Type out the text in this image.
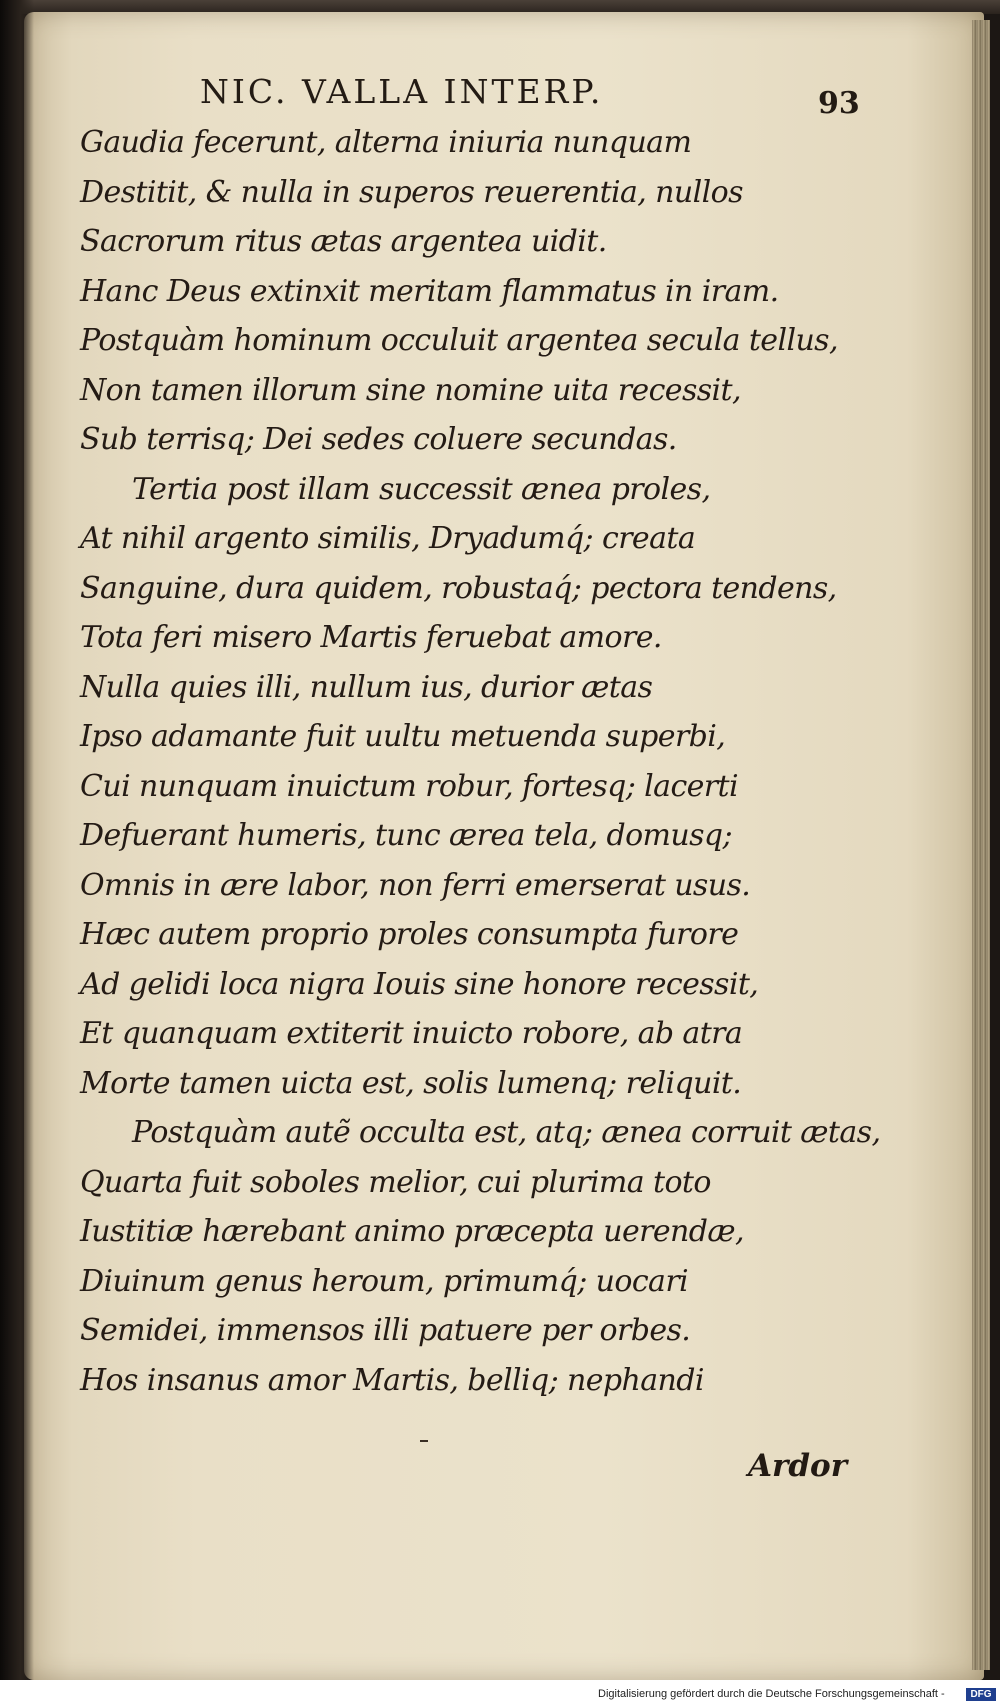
NIC. VALLA INTERP.	93
Gaudia fecerunt, alterna iniuria nunquam
Destitit, & nulla in superos reuerentia, nullos
Sacrorum ritus ætas argentea uidit.
Hanc Deus extinxit meritam flammatus in iram.
Postquàm hominum occuluit argentea secula tellus,
Non tamen illorum sine nomine uita recessit,
Sub terrisq; Dei sedes coluere secundas.
Tertia post illam successit ænea proles,
At nihil argento similis, Dryadumq́; creata
Sanguine, dura quidem, robustaq́; pectora tendens,
Tota feri misero Martis feruebat amore.
Nulla quies illi, nullum ius, durior ætas
Ipso adamante fuit uultu metuenda superbi,
Cui nunquam inuictum robur, fortesq; lacerti
Defuerant humeris, tunc ærea tela, domusq;
Omnis in ære labor, non ferri emerserat usus.
Hæc autem proprio proles consumpta furore
Ad gelidi loca nigra Iouis sine honore recessit,
Et quanquam extiterit inuicto robore, ab atra
Morte tamen uicta est, solis lumenq; reliquit.
Postquàm autẽ occulta est, atq; ænea corruit ætas,
Quarta fuit soboles melior, cui plurima toto
Iustitiæ hærebant animo præcepta uerendæ,
Diuinum genus heroum, primumq́; uocari
Semidei, immensos illi patuere per orbes.
Hos insanus amor Martis, belliq; nephandi
Ardor
Digitalisierung gefördert durch die Deutsche Forschungsgemeinschaft -	DFG
